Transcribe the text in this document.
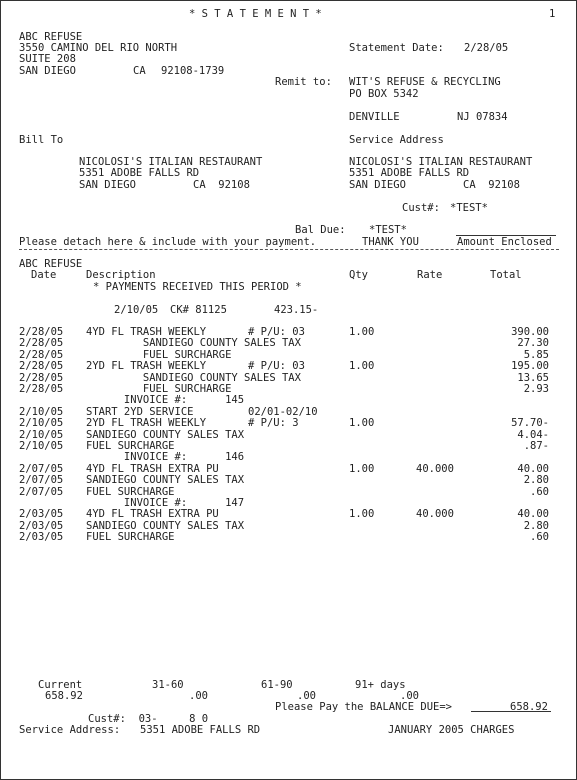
* S T A T E M E N T *	1
ABC REFUSE
3550 CAMINO DEL RIO NORTH
SUITE 208
SAN DIEGO	CA 92108-1739
Statement Date: 2/28/05
Remit to: WIT'S REFUSE & RECYCLING
PO BOX 5342
DENVILLE	NJ 07834
Bill To	Service Address
NICOLOSI'S ITALIAN RESTAURANT
5351 ADOBE FALLS RD
SAN DIEGO	CA  92108
NICOLOSI'S ITALIAN RESTAURANT
5351 ADOBE FALLS RD
SAN DIEGO	CA  92108
Cust#: *TEST*
Bal Due: *TEST*
Please detach here & include with your payment.	THANK YOU	Amount Enclosed
ABC REFUSE
Date	Description	Qty	Rate	Total
* PAYMENTS RECEIVED THIS PERIOD *
2/10/05 CK# 81125	423.15-
2/28/05 4YD FL TRASH WEEKLY	# P/U: 03	1.00	390.00
2/28/05 SANDIEGO COUNTY SALES TAX	27.30
2/28/05 FUEL SURCHARGE	5.85
2/28/05 2YD FL TRASH WEEKLY	# P/U: 03	1.00	195.00
2/28/05 SANDIEGO COUNTY SALES TAX	13.65
2/28/05 FUEL SURCHARGE	2.93
INVOICE #:      145
2/10/05 START 2YD SERVICE	02/01-02/10
2/10/05 2YD FL TRASH WEEKLY	# P/U: 3	1.00	57.70-
2/10/05 SANDIEGO COUNTY SALES TAX	4.04-
2/10/05 FUEL SURCHARGE	.87-
INVOICE #:      146
2/07/05 4YD FL TRASH EXTRA PU	1.00	40.000	40.00
2/07/05 SANDIEGO COUNTY SALES TAX	2.80
2/07/05 FUEL SURCHARGE	.60
INVOICE #:      147
2/03/05 4YD FL TRASH EXTRA PU	1.00	40.000	40.00
2/03/05 SANDIEGO COUNTY SALES TAX	2.80
2/03/05 FUEL SURCHARGE	.60
Current	31-60	61-90	91+ days
658.92	.00	.00	.00
Please Pay the BALANCE DUE=>	658.92
Cust#:  03-     8 0
Service Address: 5351 ADOBE FALLS RD	JANUARY 2005 CHARGES
